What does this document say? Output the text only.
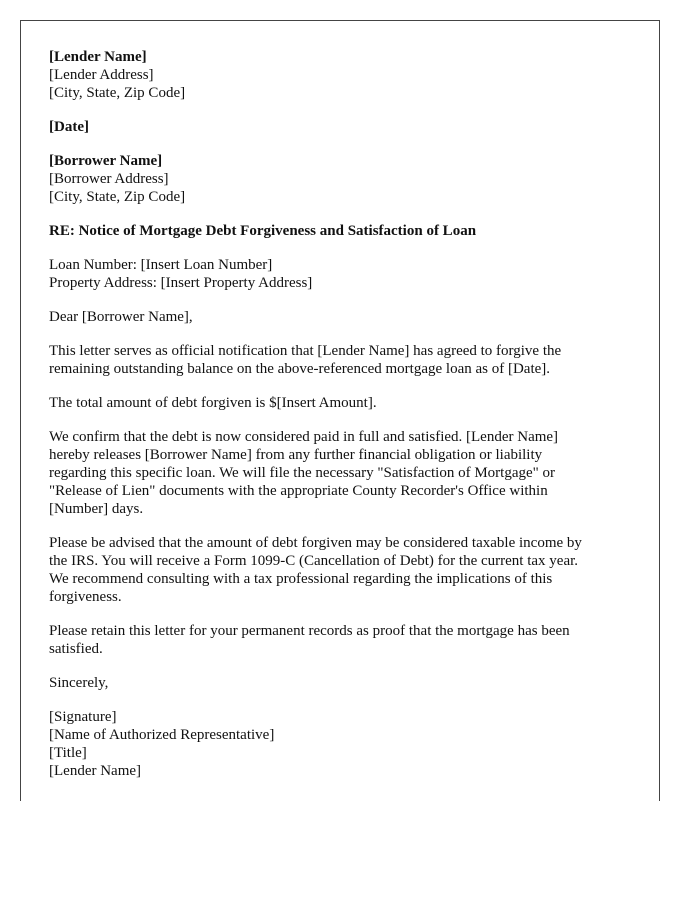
[Lender Name]
[Lender Address]
[City, State, Zip Code]
[Date]
[Borrower Name]
[Borrower Address]
[City, State, Zip Code]
RE: Notice of Mortgage Debt Forgiveness and Satisfaction of Loan
Loan Number: [Insert Loan Number]
Property Address: [Insert Property Address]
Dear [Borrower Name],
This letter serves as official notification that [Lender Name] has agreed to forgive the
remaining outstanding balance on the above-referenced mortgage loan as of [Date].
The total amount of debt forgiven is $[Insert Amount].
We confirm that the debt is now considered paid in full and satisfied. [Lender Name]
hereby releases [Borrower Name] from any further financial obligation or liability
regarding this specific loan. We will file the necessary "Satisfaction of Mortgage" or
"Release of Lien" documents with the appropriate County Recorder's Office within
[Number] days.
Please be advised that the amount of debt forgiven may be considered taxable income by
the IRS. You will receive a Form 1099-C (Cancellation of Debt) for the current tax year.
We recommend consulting with a tax professional regarding the implications of this
forgiveness.
Please retain this letter for your permanent records as proof that the mortgage has been
satisfied.
Sincerely,
[Signature]
[Name of Authorized Representative]
[Title]
[Lender Name]
